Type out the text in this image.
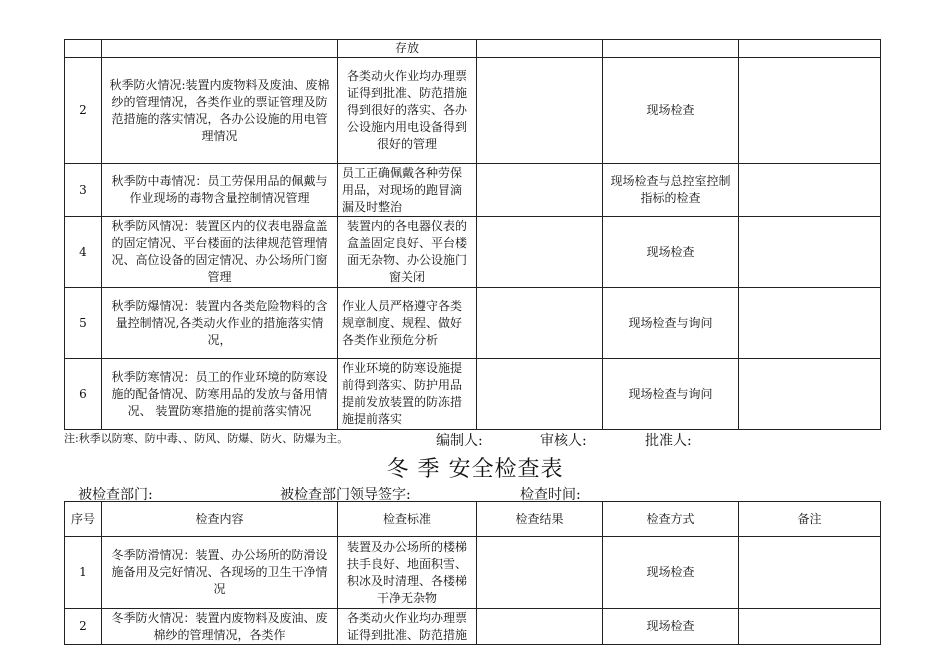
		存放			
2	秋季防火情况:装置内废物料及废油、废棉纱的管理情况，各类作业的票证管理及防范措施的落实情况，各办公设施的用电管理情况	各类动火作业均办理票证得到批准、防范措施得到很好的落实、各办公设施内用电设备得到很好的管理		现场检查	
3	秋季防中毒情况：员工劳保用品的佩戴与作业现场的毒物含量控制情况管理	员工正确佩戴各种劳保用品，对现场的跑冒滴漏及时整治		现场检查与总控室控制指标的检查	
4	秋季防风情况：装置区内的仪表电器盒盖的固定情况、平台楼面的法律规范管理情况、高位设备的固定情况、办公场所门窗管理	装置内的各电器仪表的盒盖固定良好、平台楼面无杂物、办公设施门窗关闭		现场检查	
5	秋季防爆情况：装置内各类危险物料的含量控制情况,各类动火作业的措施落实情况，	作业人员严格遵守各类规章制度、规程、做好各类作业预危分析		现场检查与询问	
6	秋季防寒情况：员工的作业环境的防寒设施的配备情况、防寒用品的发放与备用情况、 装置防寒措施的提前落实情况	作业环境的防寒设施提前得到落实、防护用品提前发放装置的防冻措施提前落实		现场检查与询问	
注:秋季以防寒、防中毒、、防风、防爆、防火、防爆为主。	编制人:	审核人:	批准人:
冬 季 安全检查表
被检查部门:	被检查部门领导签字:	检查时间:
序号	检查内容	检查标准	检查结果	检查方式	备注
1	冬季防滑情况：装置、办公场所的防滑设施备用及完好情况、各现场的卫生干净情况	装置及办公场所的楼梯扶手良好、地面积雪、积冰及时清理、各楼梯干净无杂物		现场检查	
2	冬季防火情况：装置内废物料及废油、废棉纱的管理情况，各类作	各类动火作业均办理票证得到批准、防范措施		现场检查	
